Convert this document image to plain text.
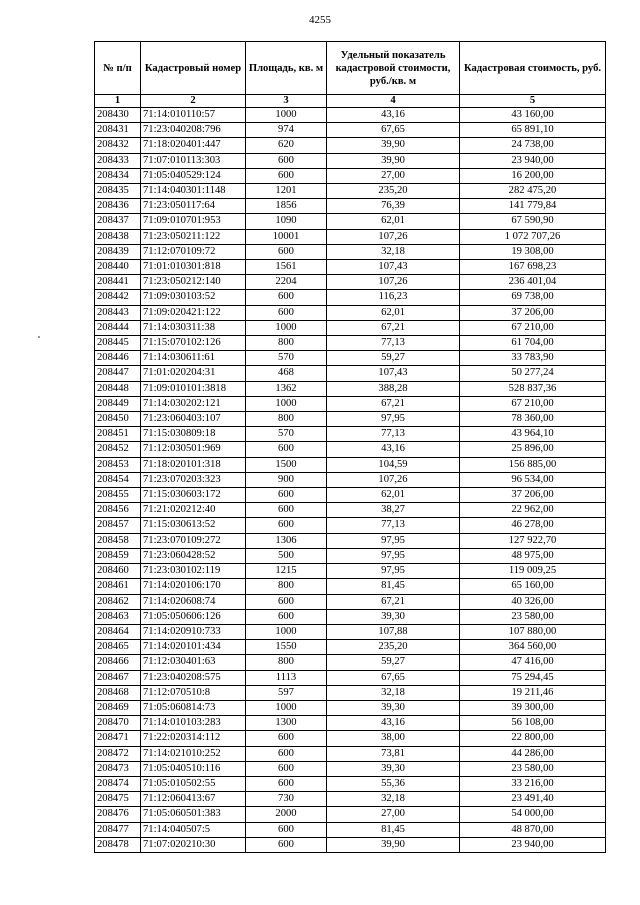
4255
№ п/п	Кадастровый номер	Площадь, кв. м	Удельный показатель кадастровой стоимости, руб./кв. м	Кадастровая стоимость, руб.
1	2	3	4	5
208430	71:14:010110:57	1000	43,16	43 160,00
208431	71:23:040208:796	974	67,65	65 891,10
208432	71:18:020401:447	620	39,90	24 738,00
208433	71:07:010113:303	600	39,90	23 940,00
208434	71:05:040529:124	600	27,00	16 200,00
208435	71:14:040301:1148	1201	235,20	282 475,20
208436	71:23:050117:64	1856	76,39	141 779,84
208437	71:09:010701:953	1090	62,01	67 590,90
208438	71:23:050211:122	10001	107,26	1 072 707,26
208439	71:12:070109:72	600	32,18	19 308,00
208440	71:01:010301:818	1561	107,43	167 698,23
208441	71:23:050212:140	2204	107,26	236 401,04
208442	71:09:030103:52	600	116,23	69 738,00
208443	71:09:020421:122	600	62,01	37 206,00
208444	71:14:030311:38	1000	67,21	67 210,00
208445	71:15:070102:126	800	77,13	61 704,00
208446	71:14:030611:61	570	59,27	33 783,90
208447	71:01:020204:31	468	107,43	50 277,24
208448	71:09:010101:3818	1362	388,28	528 837,36
208449	71:14:030202:121	1000	67,21	67 210,00
208450	71:23:060403:107	800	97,95	78 360,00
208451	71:15:030809:18	570	77,13	43 964,10
208452	71:12:030501:969	600	43,16	25 896,00
208453	71:18:020101:318	1500	104,59	156 885,00
208454	71:23:070203:323	900	107,26	96 534,00
208455	71:15:030603:172	600	62,01	37 206,00
208456	71:21:020212:40	600	38,27	22 962,00
208457	71:15:030613:52	600	77,13	46 278,00
208458	71:23:070109:272	1306	97,95	127 922,70
208459	71:23:060428:52	500	97,95	48 975,00
208460	71:23:030102:119	1215	97,95	119 009,25
208461	71:14:020106:170	800	81,45	65 160,00
208462	71:14:020608:74	600	67,21	40 326,00
208463	71:05:050606:126	600	39,30	23 580,00
208464	71:14:020910:733	1000	107,88	107 880,00
208465	71:14:020101:434	1550	235,20	364 560,00
208466	71:12:030401:63	800	59,27	47 416,00
208467	71:23:040208:575	1113	67,65	75 294,45
208468	71:12:070510:8	597	32,18	19 211,46
208469	71:05:060814:73	1000	39,30	39 300,00
208470	71:14:010103:283	1300	43,16	56 108,00
208471	71:22:020314:112	600	38,00	22 800,00
208472	71:14:021010:252	600	73,81	44 286,00
208473	71:05:040510:116	600	39,30	23 580,00
208474	71:05:010502:55	600	55,36	33 216,00
208475	71:12:060413:67	730	32,18	23 491,40
208476	71:05:060501:383	2000	27,00	54 000,00
208477	71:14:040507:5	600	81,45	48 870,00
208478	71:07:020210:30	600	39,90	23 940,00
